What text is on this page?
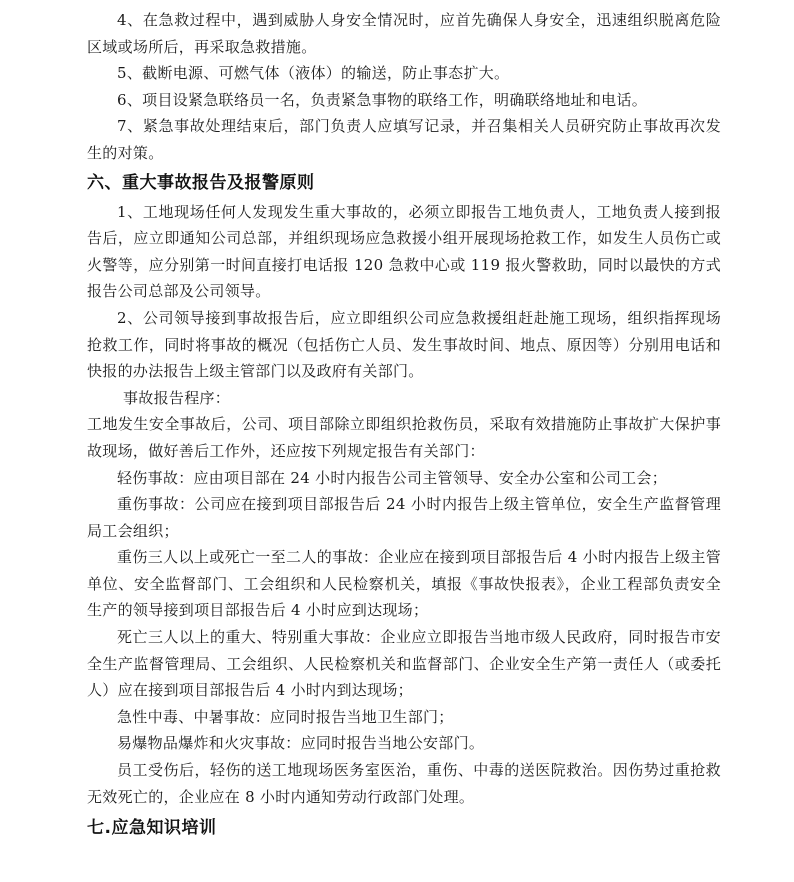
4、在急救过程中，遇到威胁人身安全情况时，应首先确保人身安全，迅速组织脱离危险区域或场所后，再采取急救措施。

5、截断电源、可燃气体（液体）的输送，防止事态扩大。

6、项目设紧急联络员一名，负责紧急事物的联络工作，明确联络地址和电话。

7、紧急事故处理结束后，部门负责人应填写记录，并召集相关人员研究防止事故再次发生的对策。

六、重大事故报告及报警原则

1、工地现场任何人发现发生重大事故的，必须立即报告工地负责人，工地负责人接到报告后，应立即通知公司总部，并组织现场应急救援小组开展现场抢救工作，如发生人员伤亡或火警等，应分别第一时间直接打电话报 120 急救中心或 119 报火警救助，同时以最快的方式报告公司总部及公司领导。

2、公司领导接到事故报告后，应立即组织公司应急救援组赶赴施工现场，组织指挥现场抢救工作，同时将事故的概况（包括伤亡人员、发生事故时间、地点、原因等）分别用电话和快报的办法报告上级主管部门以及政府有关部门。

事故报告程序：

工地发生安全事故后，公司、项目部除立即组织抢救伤员，采取有效措施防止事故扩大保护事故现场，做好善后工作外，还应按下列规定报告有关部门：

轻伤事故：应由项目部在 24 小时内报告公司主管领导、安全办公室和公司工会；

重伤事故：公司应在接到项目部报告后 24 小时内报告上级主管单位，安全生产监督管理局工会组织；

重伤三人以上或死亡一至二人的事故：企业应在接到项目部报告后 4 小时内报告上级主管单位、安全监督部门、工会组织和人民检察机关，填报《事故快报表》，企业工程部负责安全生产的领导接到项目部报告后 4 小时应到达现场；

死亡三人以上的重大、特别重大事故：企业应立即报告当地市级人民政府，同时报告市安全生产监督管理局、工会组织、人民检察机关和监督部门、企业安全生产第一责任人（或委托人）应在接到项目部报告后 4 小时内到达现场；

急性中毒、中暑事故：应同时报告当地卫生部门；

易爆物品爆炸和火灾事故：应同时报告当地公安部门。

员工受伤后，轻伤的送工地现场医务室医治，重伤、中毒的送医院救治。因伤势过重抢救无效死亡的，企业应在 8 小时内通知劳动行政部门处理。

七.应急知识培训
